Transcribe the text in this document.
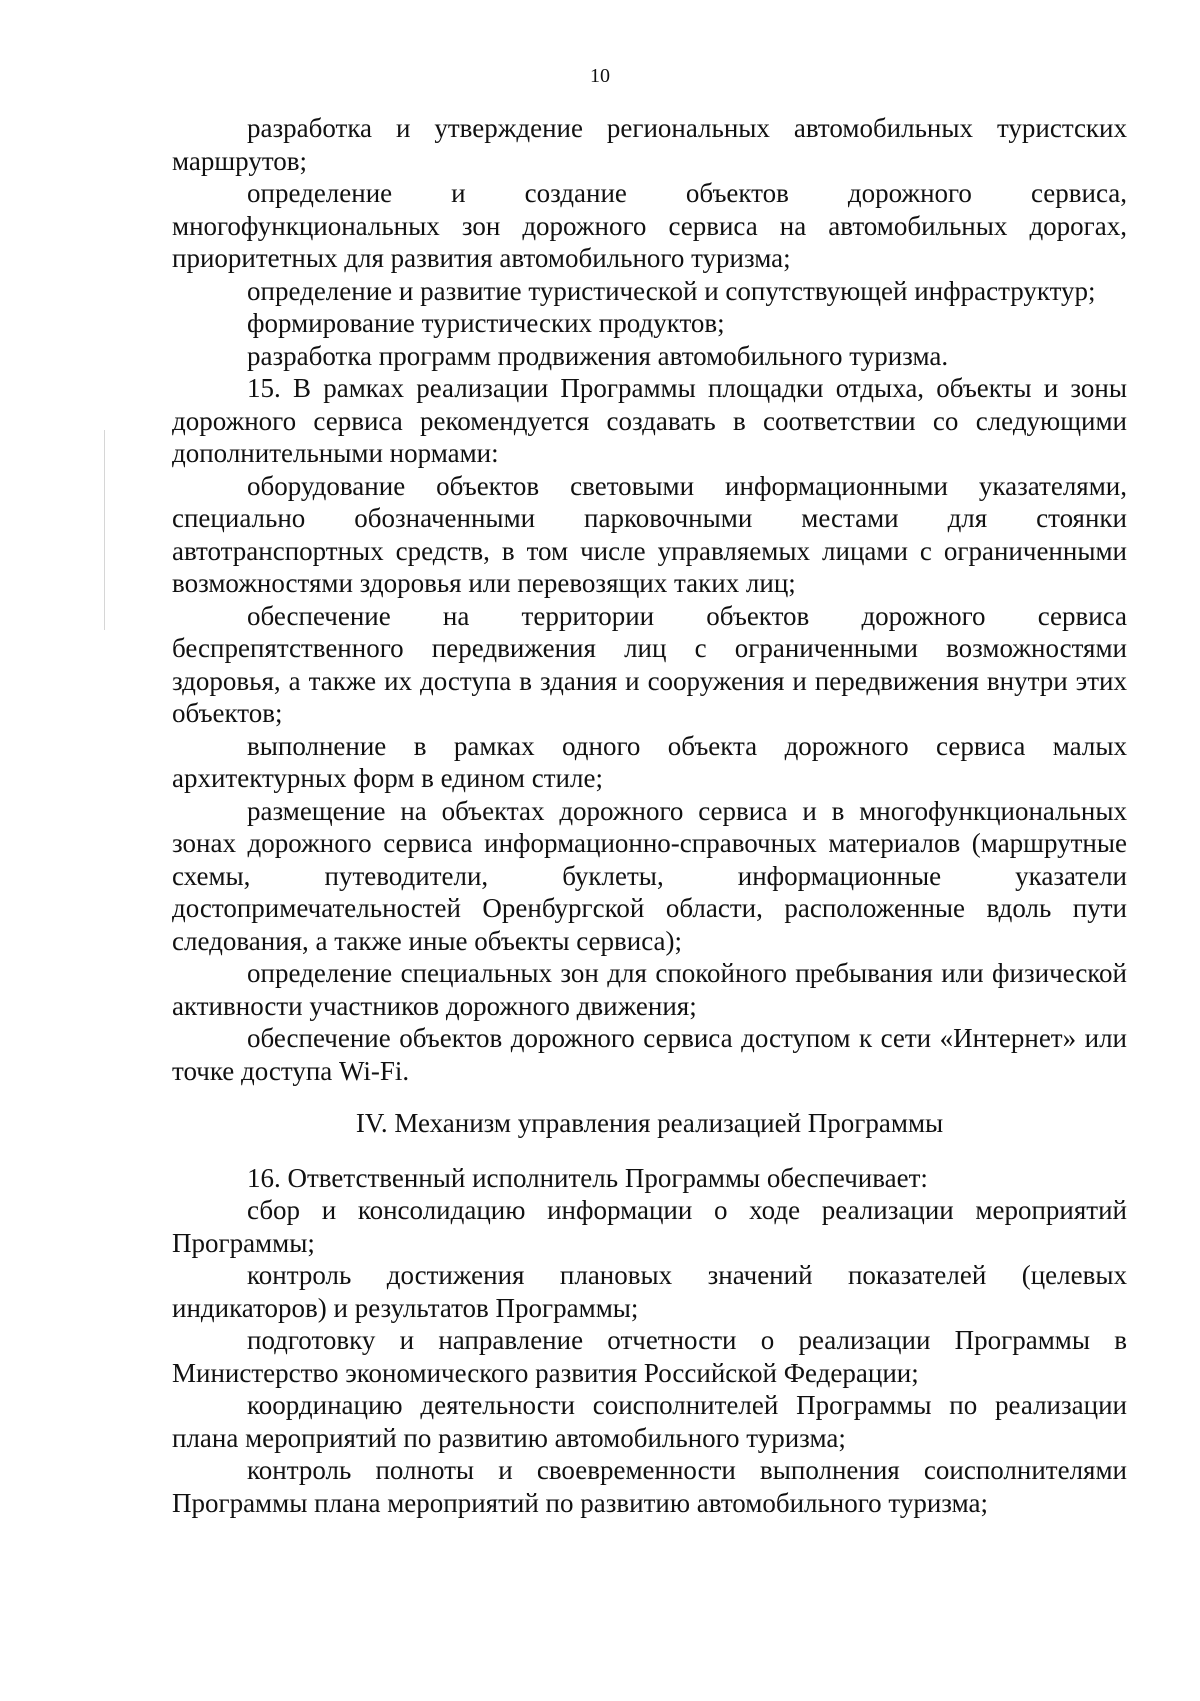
10

разработка и утверждение региональных автомобильных туристских маршрутов;

определение и создание объектов дорожного сервиса, многофункциональных зон дорожного сервиса на автомобильных дорогах, приоритетных для развития автомобильного туризма;

определение и развитие туристической и сопутствующей инфраструктур;

формирование туристических продуктов;

разработка программ продвижения автомобильного туризма.

15. В рамках реализации Программы площадки отдыха, объекты и зоны дорожного сервиса рекомендуется создавать в соответствии со следующими дополнительными нормами:

оборудование объектов световыми информационными указателями, специально обозначенными парковочными местами для стоянки автотранспортных средств, в том числе управляемых лицами с ограниченными возможностями здоровья или перевозящих таких лиц;

обеспечение на территории объектов дорожного сервиса беспрепятственного передвижения лиц с ограниченными возможностями здоровья, а также их доступа в здания и сооружения и передвижения внутри этих объектов;

выполнение в рамках одного объекта дорожного сервиса малых архитектурных форм в едином стиле;

размещение на объектах дорожного сервиса и в многофункциональных зонах дорожного сервиса информационно-справочных материалов (маршрутные схемы, путеводители, буклеты, информационные указатели достопримечательностей Оренбургской области, расположенные вдоль пути следования, а также иные объекты сервиса);

определение специальных зон для спокойного пребывания или физической активности участников дорожного движения;

обеспечение объектов дорожного сервиса доступом к сети «Интернет» или точке доступа Wi-Fi.

IV. Механизм управления реализацией Программы

16. Ответственный исполнитель Программы обеспечивает:

сбор и консолидацию информации о ходе реализации мероприятий Программы;

контроль достижения плановых значений показателей (целевых индикаторов) и результатов Программы;

подготовку и направление отчетности о реализации Программы в Министерство экономического развития Российской Федерации;

координацию деятельности соисполнителей Программы по реализации плана мероприятий по развитию автомобильного туризма;

контроль полноты и своевременности выполнения соисполнителями Программы плана мероприятий по развитию автомобильного туризма;
